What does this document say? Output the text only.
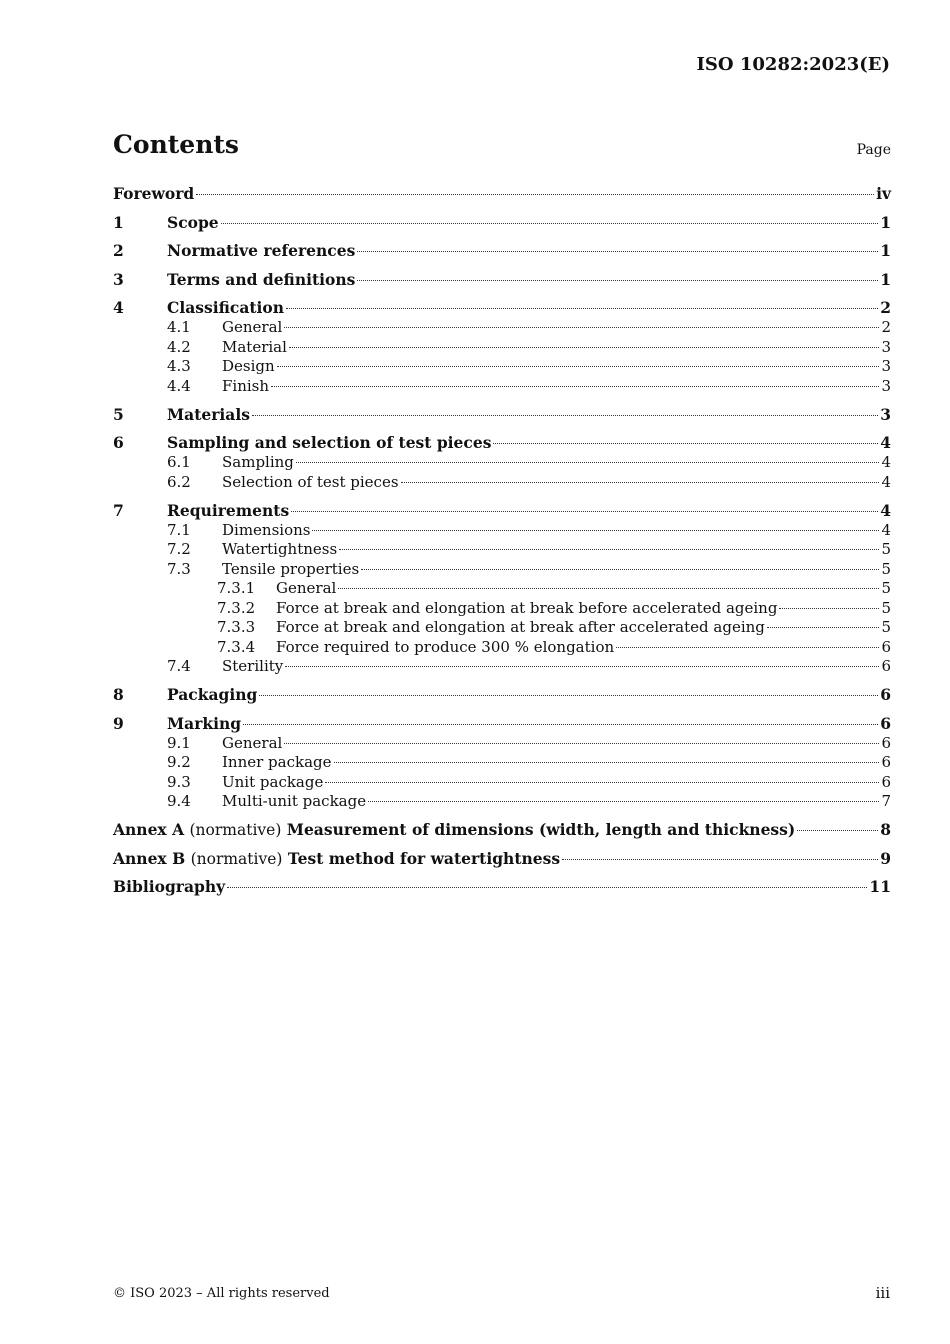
ISO 10282:2023(E)
Contents	Page
Foreword	iv
1	Scope	1
2	Normative references	1
3	Terms and definitions	1
4	Classification	2
4.1	General	2
4.2	Material	3
4.3	Design	3
4.4	Finish	3
5	Materials	3
6	Sampling and selection of test pieces	4
6.1	Sampling	4
6.2	Selection of test pieces	4
7	Requirements	4
7.1	Dimensions	4
7.2	Watertightness	5
7.3	Tensile properties	5
7.3.1	General	5
7.3.2	Force at break and elongation at break before accelerated ageing	5
7.3.3	Force at break and elongation at break after accelerated ageing	5
7.3.4	Force required to produce 300 % elongation	6
7.4	Sterility	6
8	Packaging	6
9	Marking	6
9.1	General	6
9.2	Inner package	6
9.3	Unit package	6
9.4	Multi-unit package	7
Annex A (normative) Measurement of dimensions (width, length and thickness)	8
Annex B (normative) Test method for watertightness	9
Bibliography	11
© ISO 2023 – All rights reserved	iii
